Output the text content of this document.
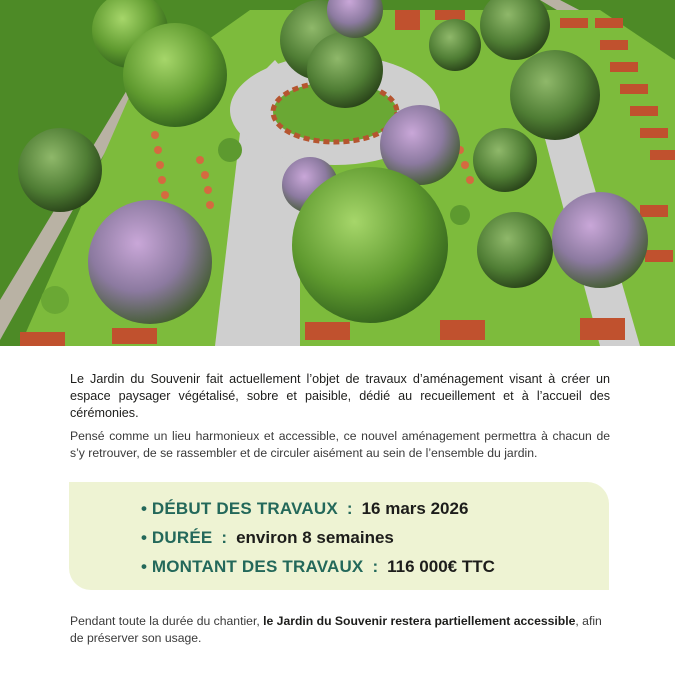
Le Jardin du Souvenir fait actuellement l’objet de travaux d’aménagement visant à créer un espace paysager végétalisé, sobre et paisible, dédié au recueillement et à l’accueil des cérémonies.

Pensé comme un lieu harmonieux et accessible, ce nouvel aménagement permettra à chacun de s’y retrouver, de se rassembler et de circuler aisément au sein de l’ensemble du jardin.

• DÉBUT DES TRAVAUX : 16 mars 2026
• DURÉE : environ 8 semaines
• MONTANT DES TRAVAUX : 116 000€ TTC

Pendant toute la durée du chantier, le Jardin du Souvenir restera partiellement accessible, afin de préserver son usage.
